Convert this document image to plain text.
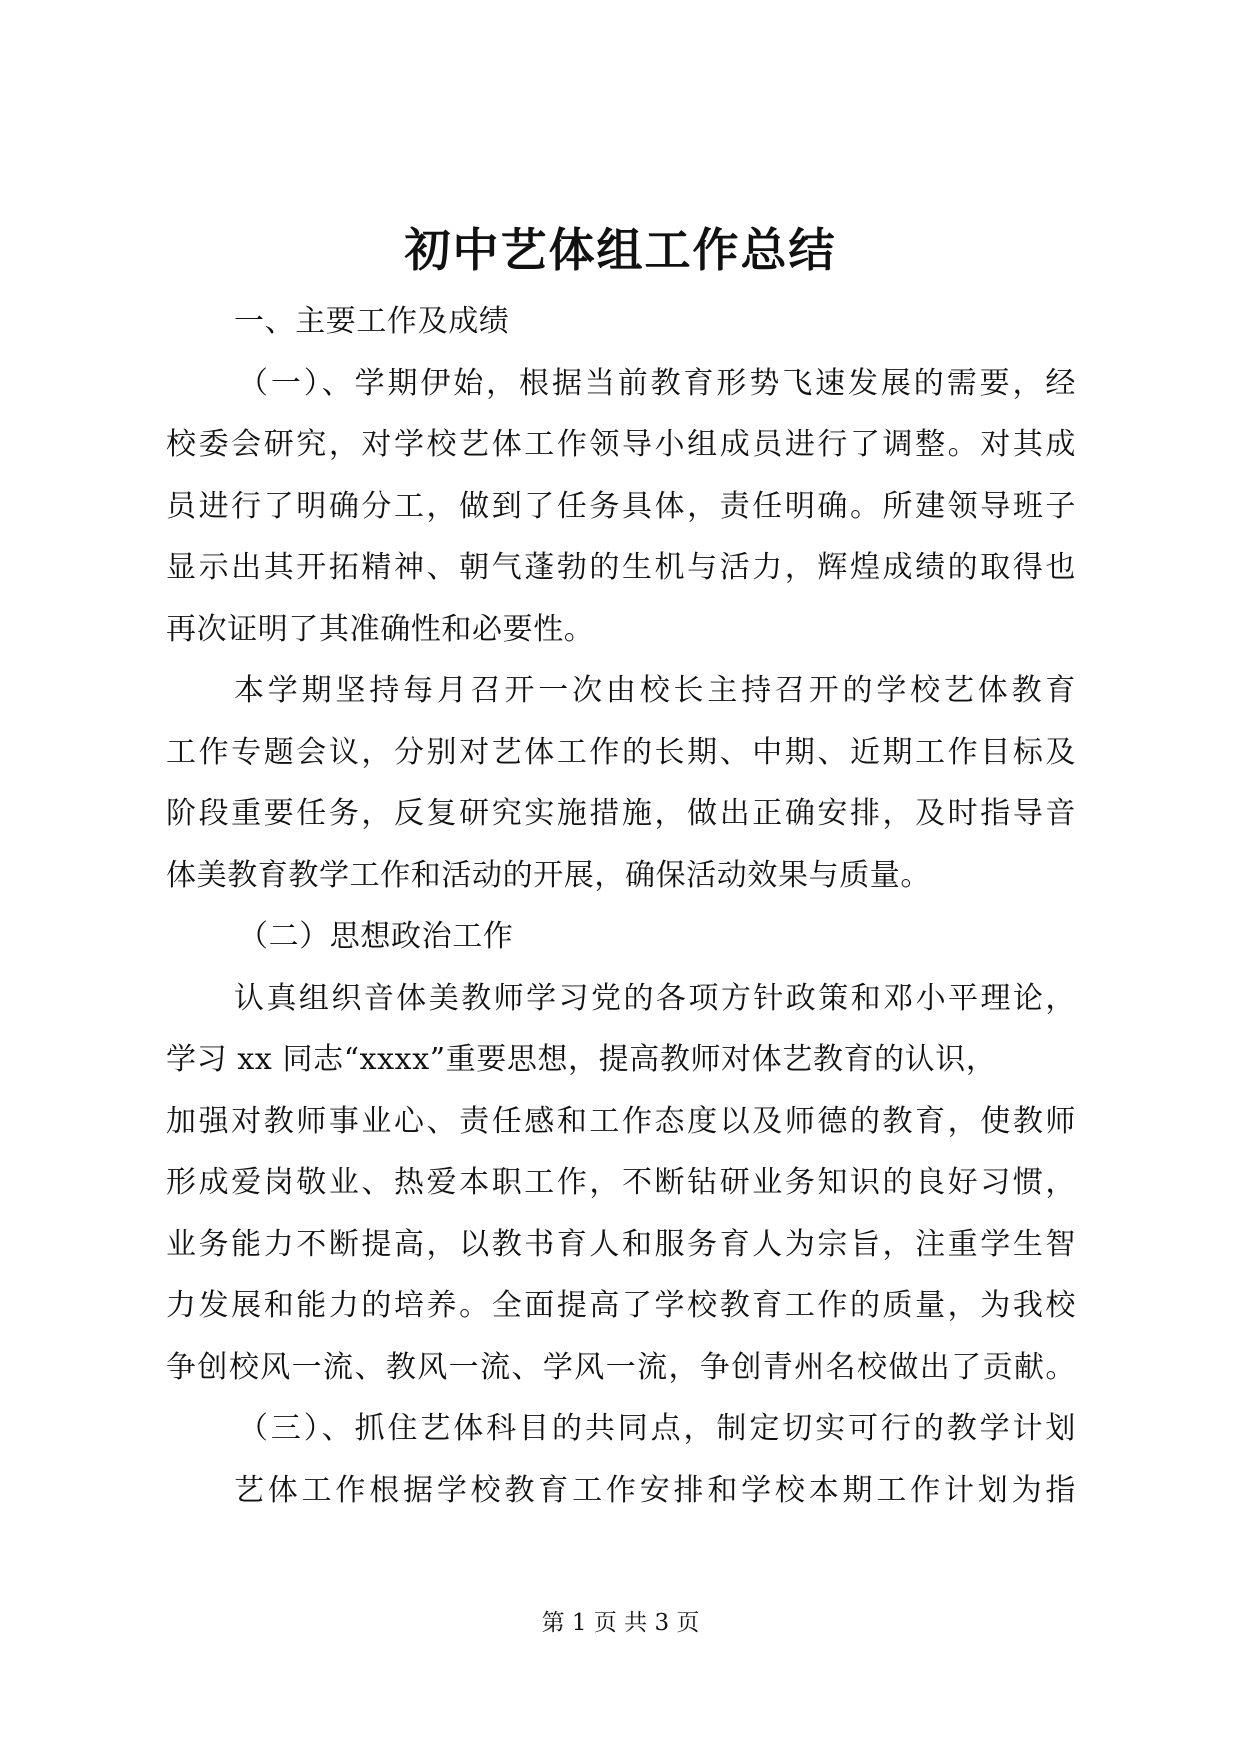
初中艺体组工作总结
一、主要工作及成绩
（一）、学期伊始，根据当前教育形势飞速发展的需要，经
校委会研究，对学校艺体工作领导小组成员进行了调整。对其成
员进行了明确分工，做到了任务具体，责任明确。所建领导班子
显示出其开拓精神、朝气蓬勃的生机与活力，辉煌成绩的取得也
再次证明了其准确性和必要性。
本学期坚持每月召开一次由校长主持召开的学校艺体教育
工作专题会议，分别对艺体工作的长期、中期、近期工作目标及
阶段重要任务，反复研究实施措施，做出正确安排，及时指导音
体美教育教学工作和活动的开展，确保活动效果与质量。
（二）思想政治工作
认真组织音体美教师学习党的各项方针政策和邓小平理论，
学习 xx 同志“xxxx”重要思想，提高教师对体艺教育的认识，
加强对教师事业心、责任感和工作态度以及师德的教育，使教师
形成爱岗敬业、热爱本职工作，不断钻研业务知识的良好习惯，
业务能力不断提高，以教书育人和服务育人为宗旨，注重学生智
力发展和能力的培养。全面提高了学校教育工作的质量，为我校
争创校风一流、教风一流、学风一流，争创青州名校做出了贡献。
（三）、抓住艺体科目的共同点，制定切实可行的教学计划
艺体工作根据学校教育工作安排和学校本期工作计划为指
第 1 页 共 3 页
